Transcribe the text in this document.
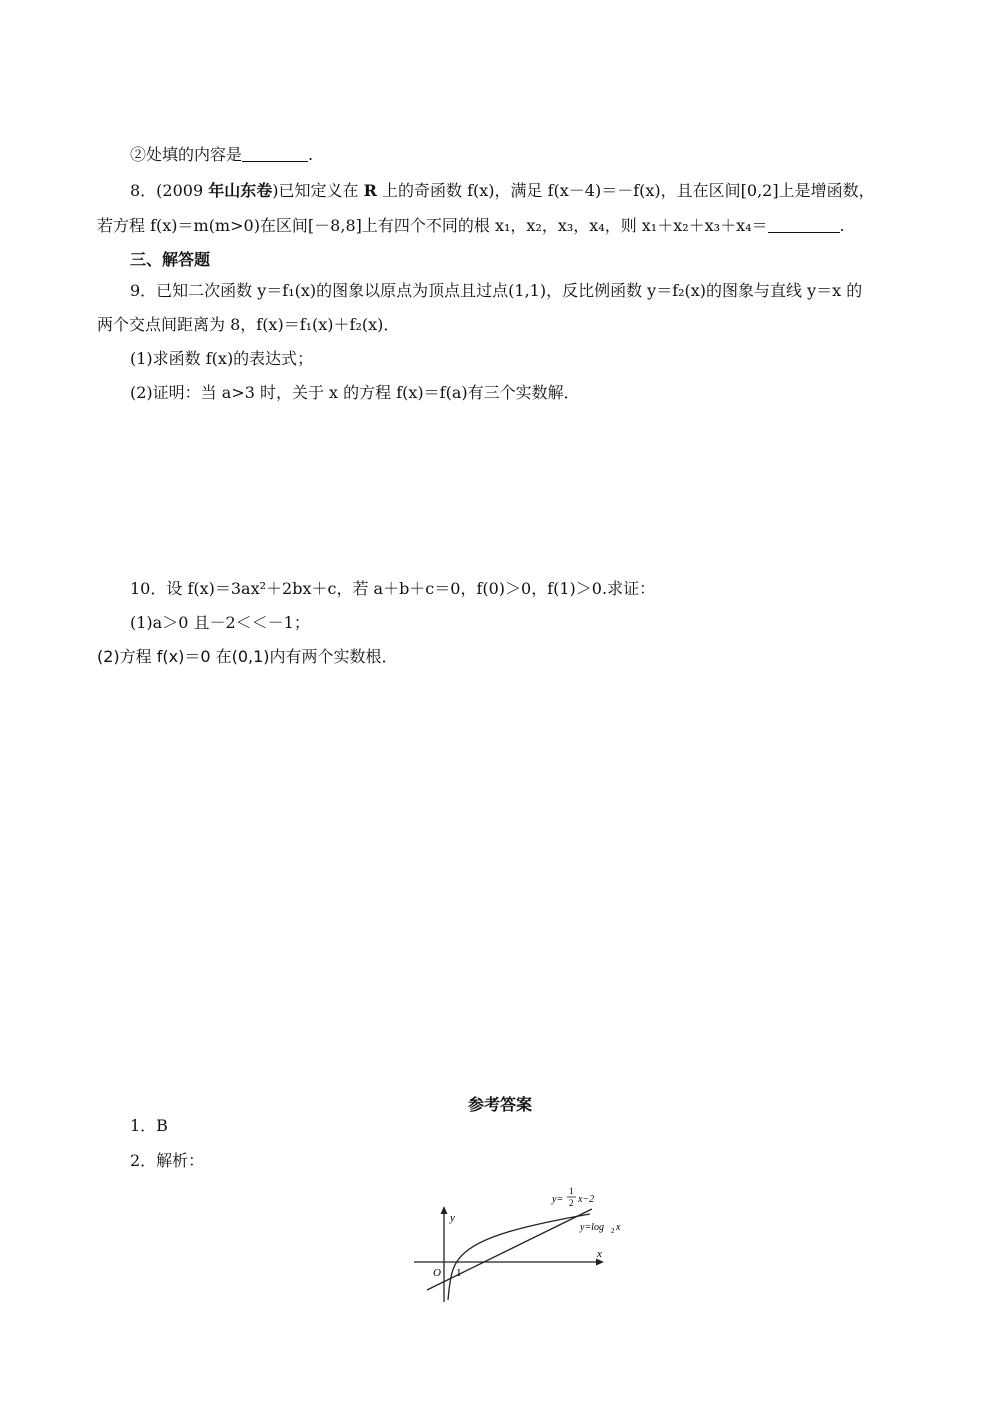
②处填的内容是	.
8．(2009 年山东卷)已知定义在 R 上的奇函数 f(x)，满足 f(x－4)＝－f(x)，且在区间[0,2]上是增函数，
若方程 f(x)＝m(m>0)在区间[－8,8]上有四个不同的根 x₁，x₂，x₃，x₄，则 x₁＋x₂＋x₃＋x₄＝	.
三、解答题
9．已知二次函数 y＝f₁(x)的图象以原点为顶点且过点(1,1)，反比例函数 y＝f₂(x)的图象与直线 y＝x 的
两个交点间距离为 8，f(x)＝f₁(x)＋f₂(x)．
(1)求函数 f(x)的表达式；
(2)证明：当 a>3 时，关于 x 的方程 f(x)＝f(a)有三个实数解．
10．设 f(x)＝3ax²＋2bx＋c，若 a＋b＋c＝0，f(0)＞0，f(1)＞0.求证：
(1)a＞0 且－2＜＜－1；
(2)方程 f(x)＝0 在(0,1)内有两个实数根．
参考答案
1．B
2．解析：
y
x
O 1
y=
1
2 x−2
y=log 2 x
